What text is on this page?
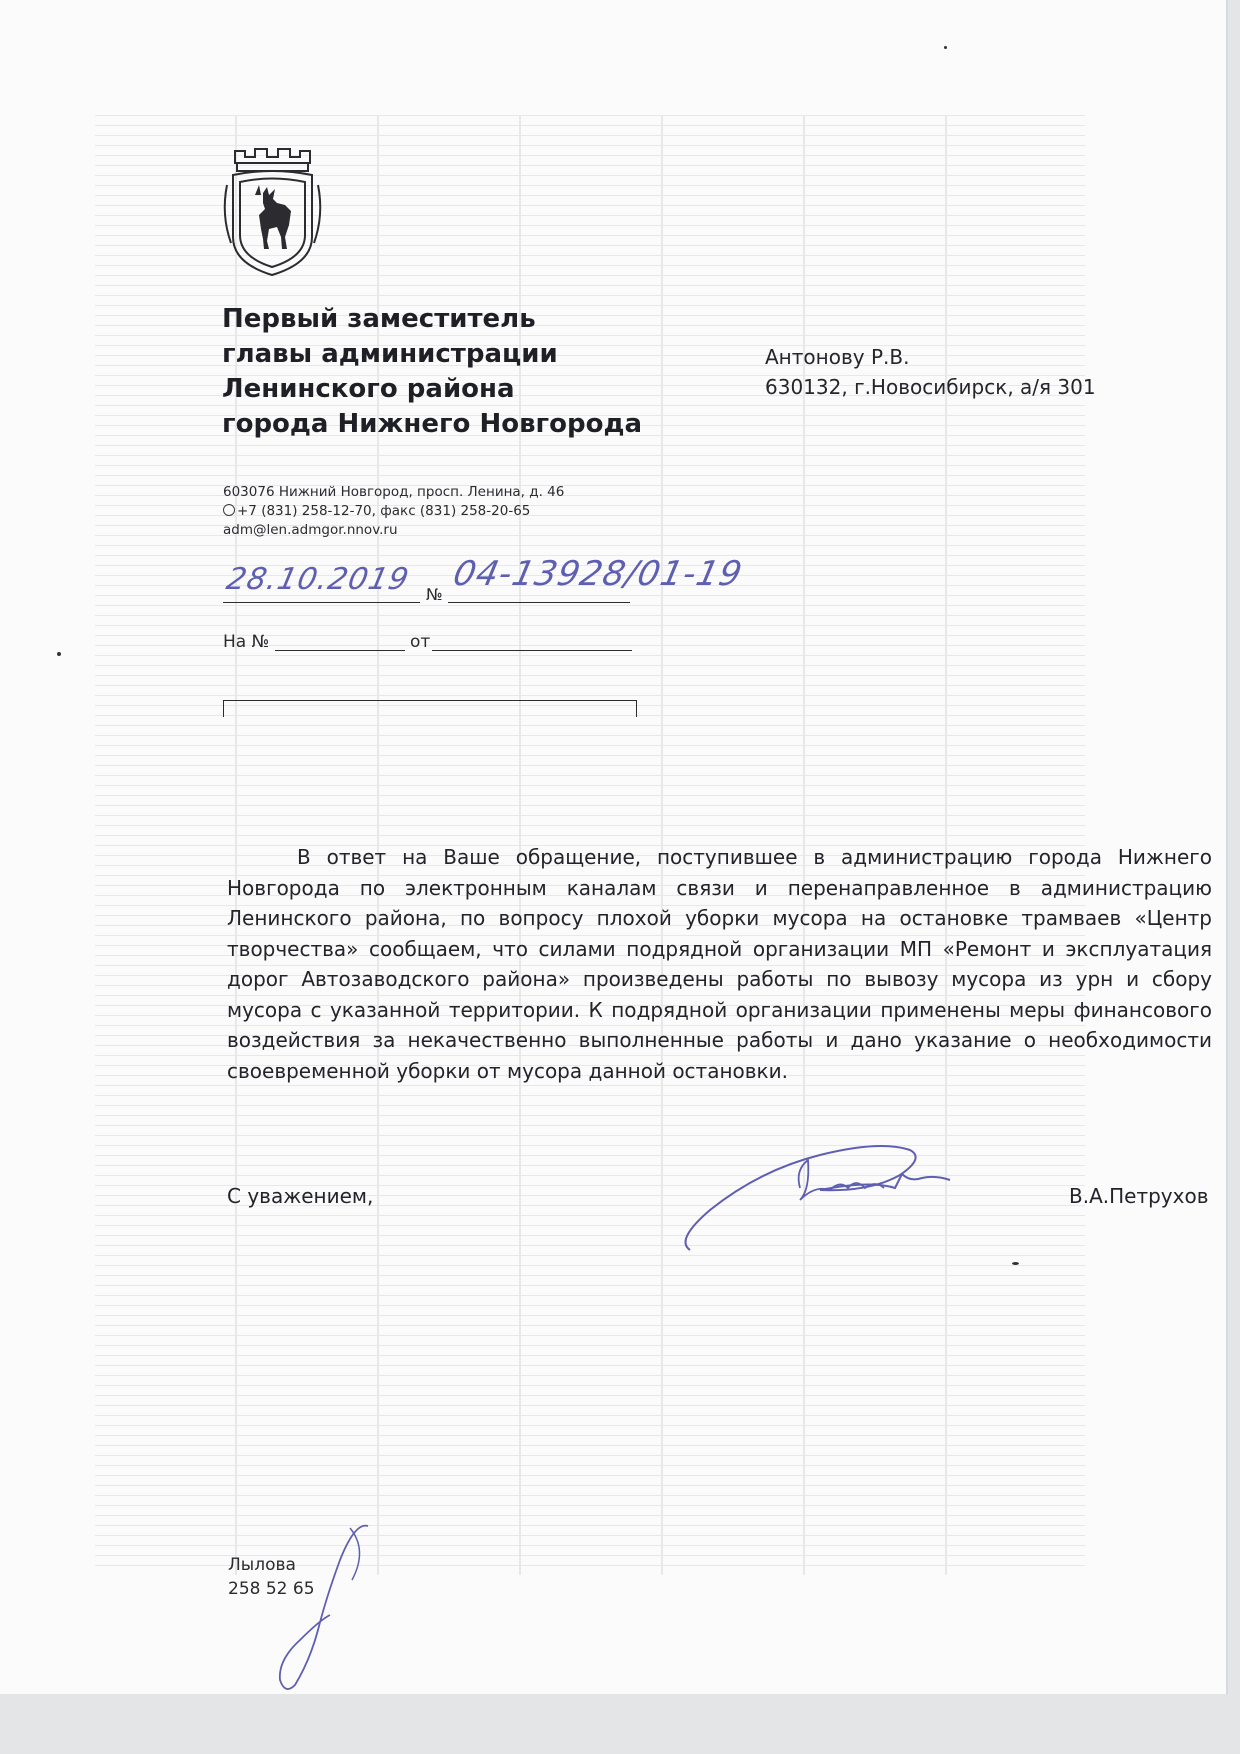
Первый заместитель
главы администрации
Ленинского района
города Нижнего Новгорода
Антонову Р.В.
630132, г.Новосибирск, а/я 301
603076 Нижний Новгород, просп. Ленина, д. 46
+7 (831) 258-12-70, факс (831) 258-20-65
adm@len.admgor.nnov.ru
28.10.2019 №
04-13928/01-19
На №	от
В ответ на Ваше обращение, поступившее в администрацию города Нижнего Новгорода по электронным каналам связи и перенаправленное в администрацию Ленинского района, по вопросу плохой уборки мусора на остановке трамваев «Центр творчества» сообщаем, что силами подрядной организации МП «Ремонт и эксплуатация дорог Автозаводского района» произведены работы по вывозу мусора из урн и сбору мусора с указанной территории. К подрядной организации применены меры финансового воздействия за некачественно выполненные работы и дано указание о необходимости своевременной уборки от мусора данной остановки.
С уважением,	В.А.Петрухов
Лылова
258 52 65
